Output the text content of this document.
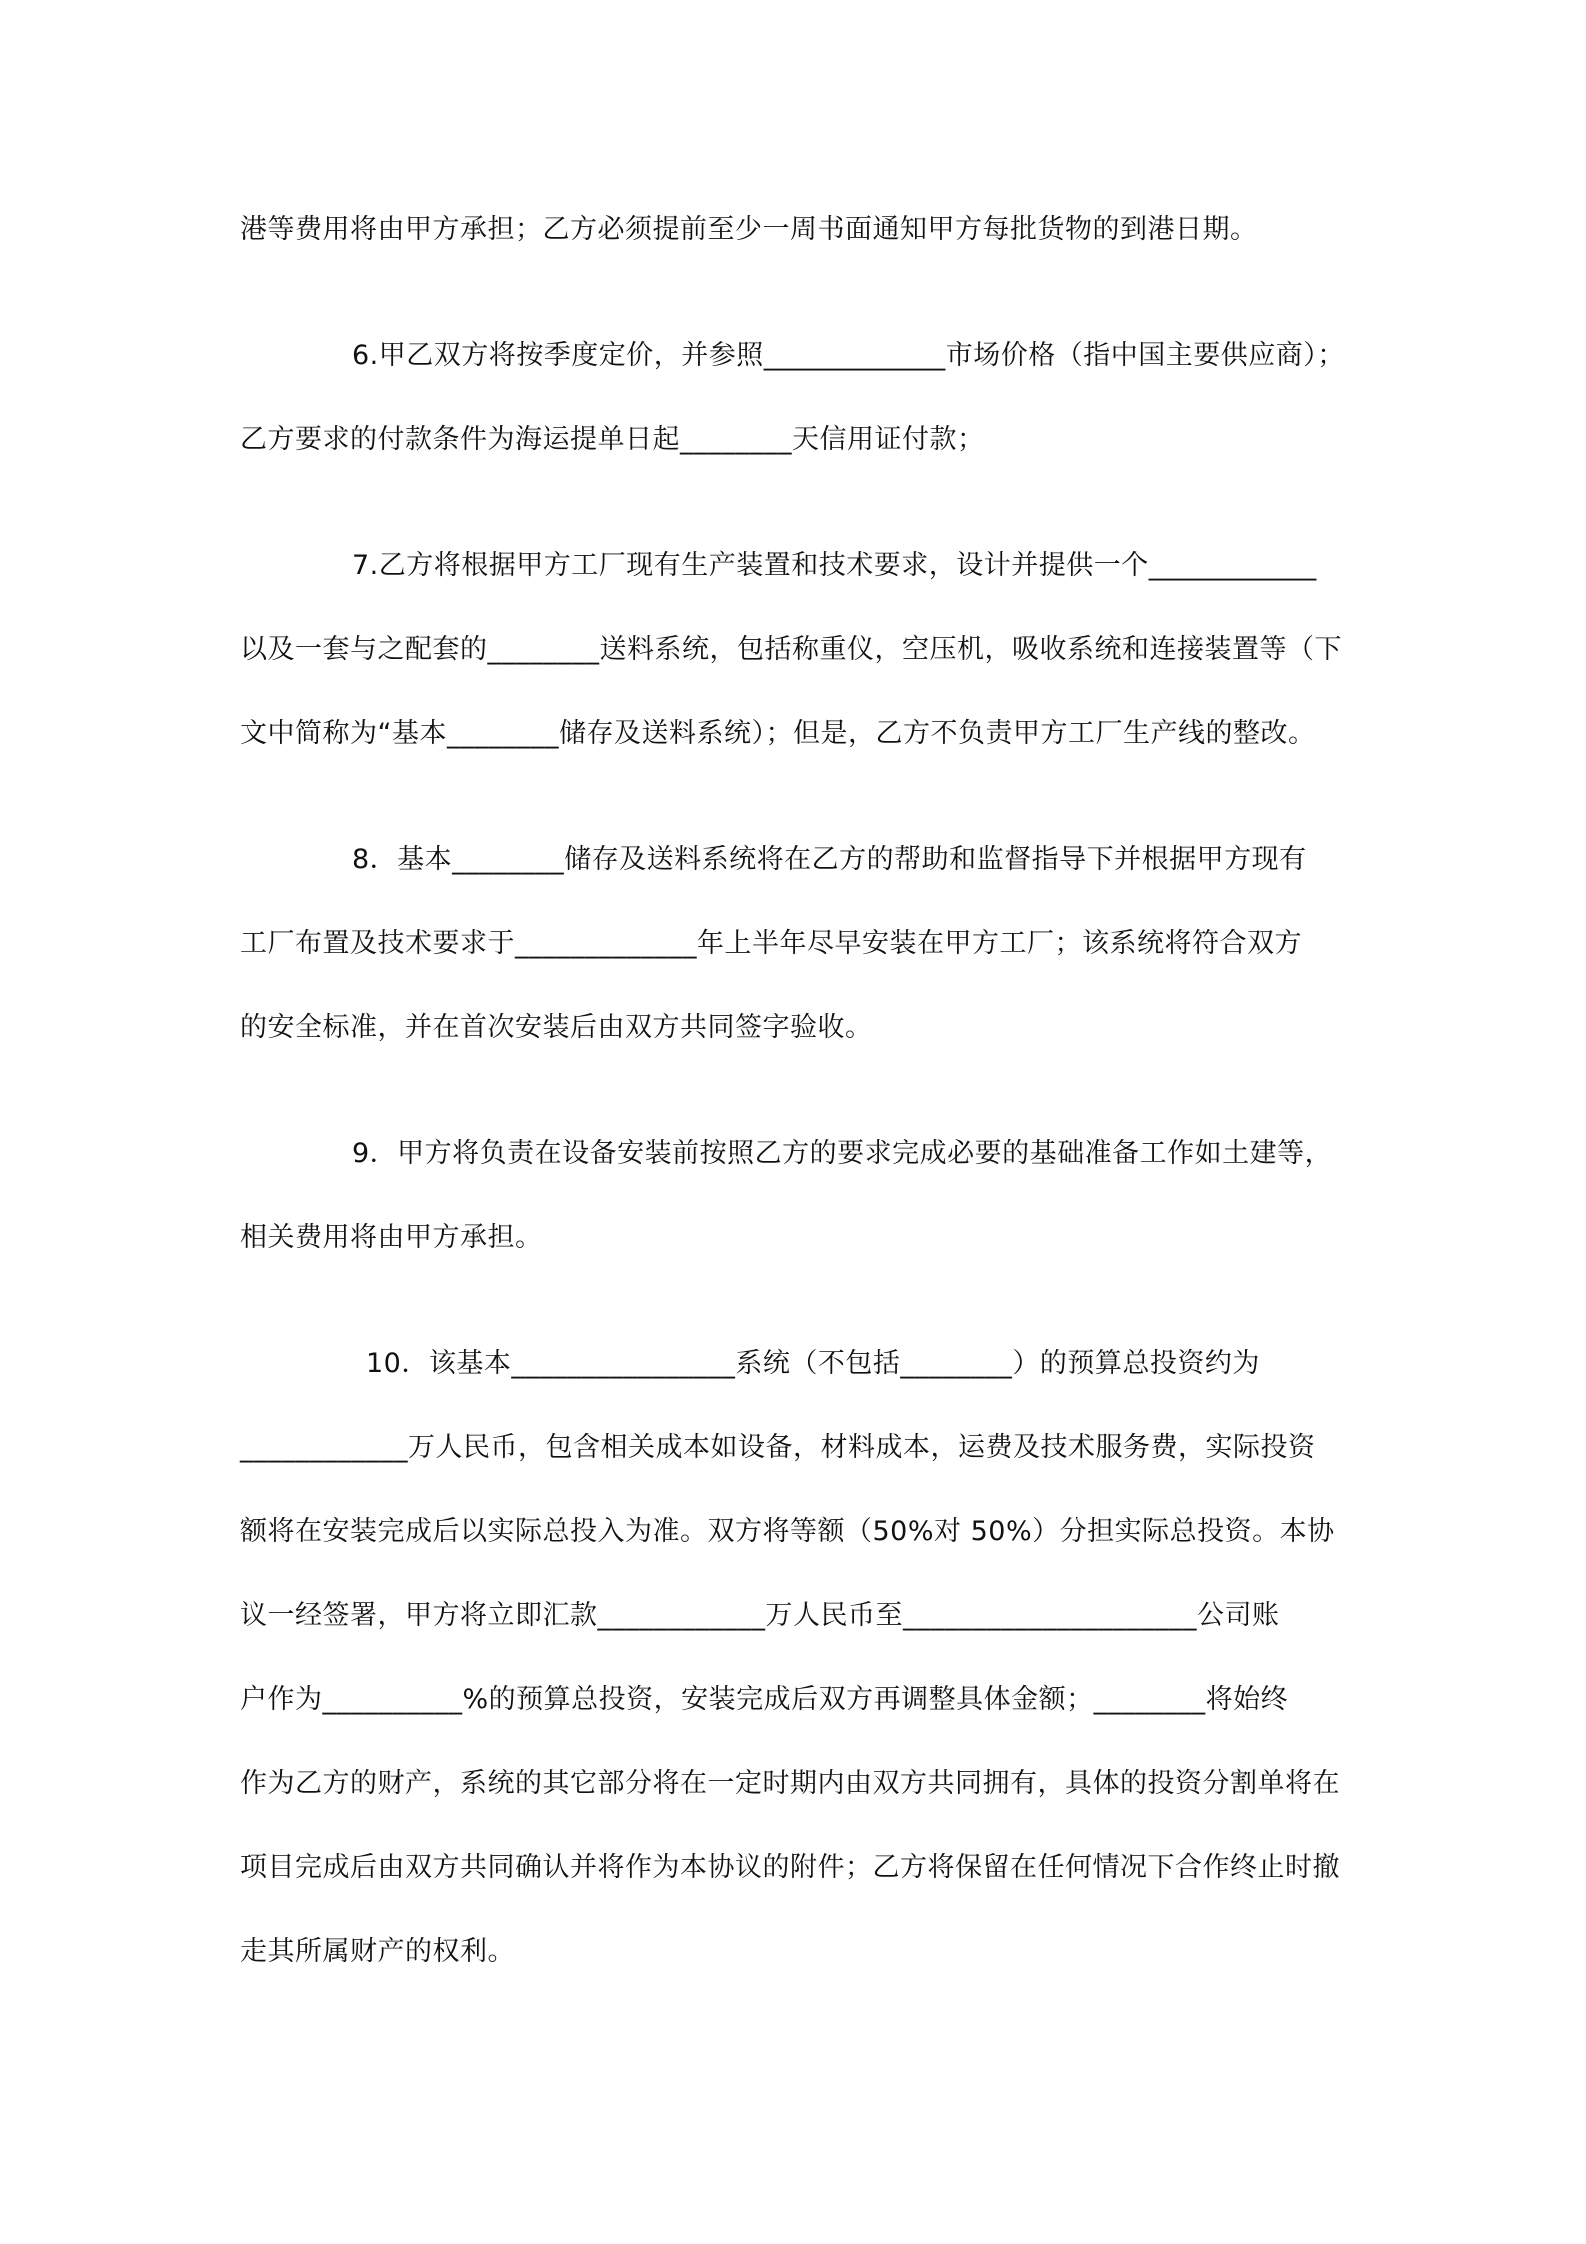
港等费用将由甲方承担；乙方必须提前至少一周书面通知甲方每批货物的到港日期。
6.甲乙双方将按季度定价，并参照_____________市场价格（指中国主要供应商）；
乙方要求的付款条件为海运提单日起________天信用证付款；
7.乙方将根据甲方工厂现有生产装置和技术要求，设计并提供一个____________
以及一套与之配套的________送料系统，包括称重仪，空压机，吸收系统和连接装置等（下
文中简称为“基本________储存及送料系统）；但是，乙方不负责甲方工厂生产线的整改。
8．基本________储存及送料系统将在乙方的帮助和监督指导下并根据甲方现有
工厂布置及技术要求于_____________年上半年尽早安装在甲方工厂；该系统将符合双方
的安全标准，并在首次安装后由双方共同签字验收。
9．甲方将负责在设备安装前按照乙方的要求完成必要的基础准备工作如土建等，
相关费用将由甲方承担。
10．该基本________________系统（不包括________）的预算总投资约为
____________万人民币，包含相关成本如设备，材料成本，运费及技术服务费，实际投资
额将在安装完成后以实际总投入为准。双方将等额（50%对 50%）分担实际总投资。本协
议一经签署，甲方将立即汇款____________万人民币至_____________________公司账
户作为__________%的预算总投资，安装完成后双方再调整具体金额；________将始终
作为乙方的财产，系统的其它部分将在一定时期内由双方共同拥有，具体的投资分割单将在
项目完成后由双方共同确认并将作为本协议的附件；乙方将保留在任何情况下合作终止时撤
走其所属财产的权利。
